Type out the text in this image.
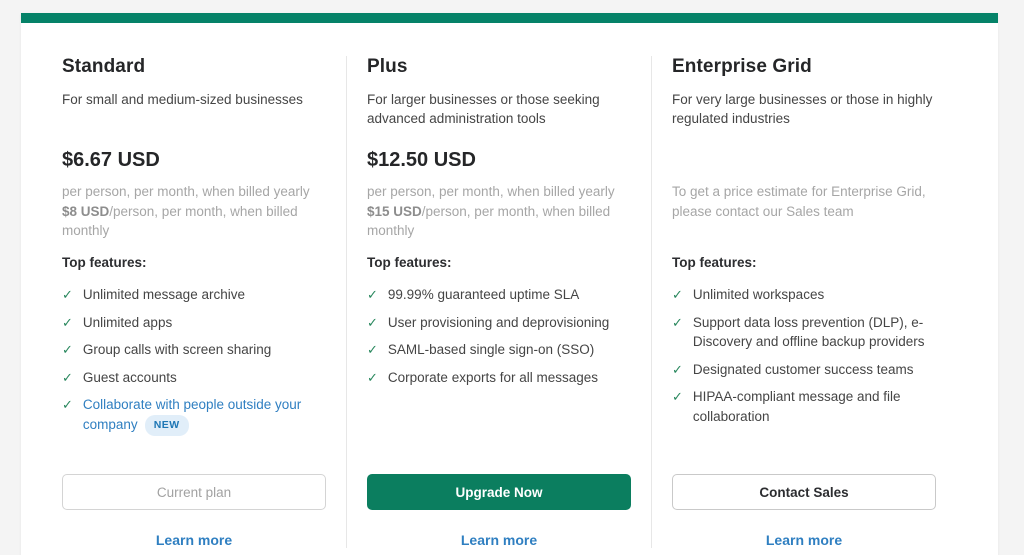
Standard
For small and medium-sized businesses
$6.67 USD
per person, per month, when billed yearly
$8 USD/person, per month, when billed monthly
Top features:
✓ Unlimited message archive
✓ Unlimited apps
✓ Group calls with screen sharing
✓ Guest accounts
✓ Collaborate with people outside your company NEW
Current plan
Learn more
Plus
For larger businesses or those seeking advanced administration tools
$12.50 USD
per person, per month, when billed yearly
$15 USD/person, per month, when billed monthly
Top features:
✓ 99.99% guaranteed uptime SLA
✓ User provisioning and deprovisioning
✓ SAML-based single sign-on (SSO)
✓ Corporate exports for all messages
Upgrade Now
Learn more
Enterprise Grid
For very large businesses or those in highly regulated industries
To get a price estimate for Enterprise Grid, please contact our Sales team
Top features:
✓ Unlimited workspaces
✓ Support data loss prevention (DLP), e-Discovery and offline backup providers
✓ Designated customer success teams
✓ HIPAA-compliant message and file collaboration
Contact Sales
Learn more
